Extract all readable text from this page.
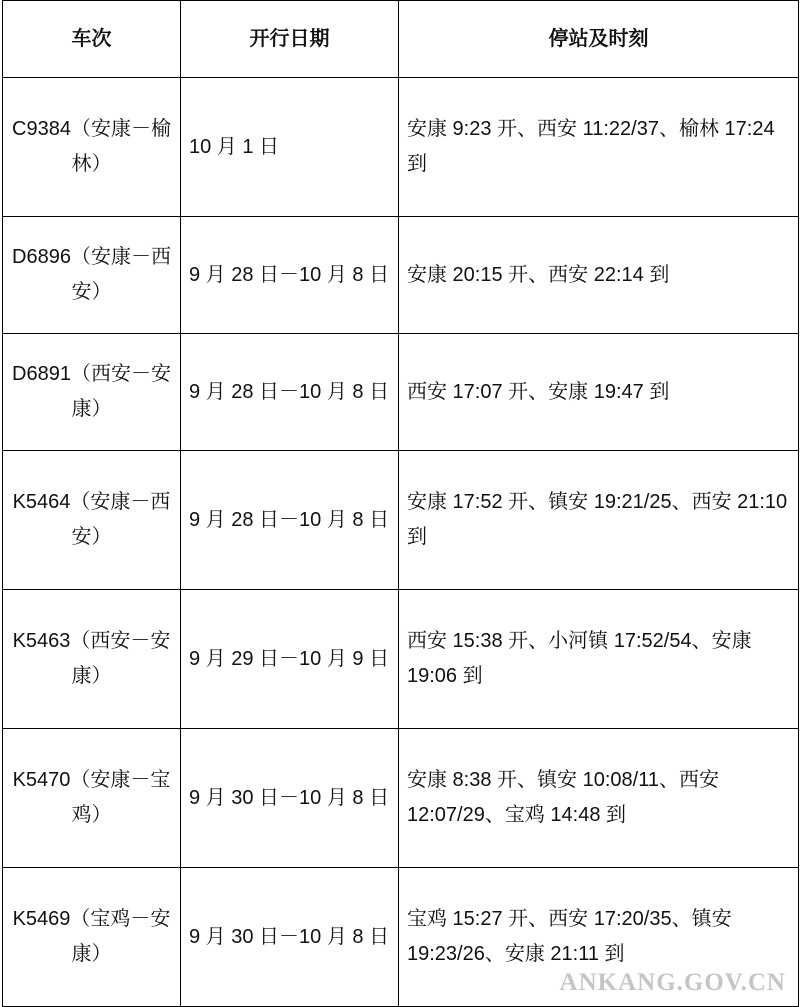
车次	开行日期	停站及时刻

C9384（安康－榆林）	10 月 1 日	安康 9:23 开、西安 11:22/37、榆林 17:24 到

D6896（安康－西安）	9 月 28 日－10 月 8 日	安康 20:15 开、西安 22:14 到

D6891（西安－安康）	9 月 28 日－10 月 8 日	西安 17:07 开、安康 19:47 到

K5464（安康－西安）	9 月 28 日－10 月 8 日	安康 17:52 开、镇安 19:21/25、西安 21:10 到

K5463（西安－安康）	9 月 29 日－10 月 9 日	西安 15:38 开、小河镇 17:52/54、安康 19:06 到

K5470（安康－宝鸡）	9 月 30 日－10 月 8 日	安康 8:38 开、镇安 10:08/11、西安 12:07/29、宝鸡 14:48 到

K5469（宝鸡－安康）	9 月 30 日－10 月 8 日	宝鸡 15:27 开、西安 17:20/35、镇安 19:23/26、安康 21:11 到
ANKANG.GOV.CN
